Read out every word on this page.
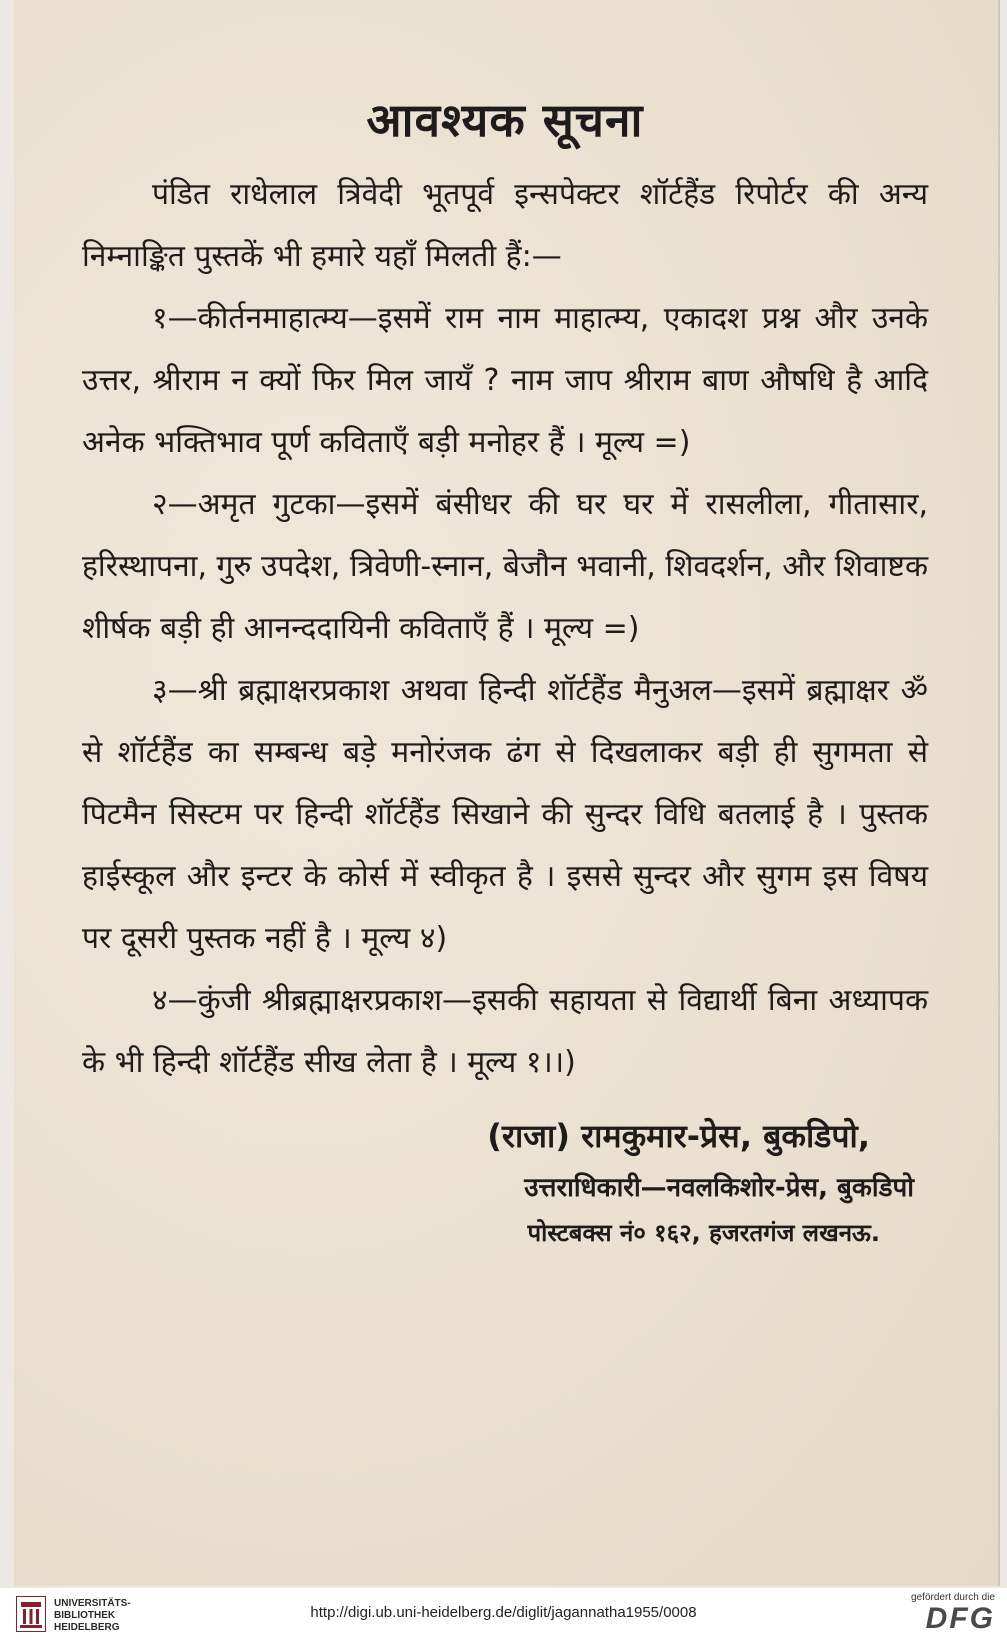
आवश्यक सूचना

पंडित राधेलाल त्रिवेदी भूतपूर्व इन्सपेक्टर शॉर्टहैंड रिपोर्टर की अन्य निम्नाङ्कित पुस्तकें भी हमारे यहाँ मिलती हैं:—

१—कीर्तनमाहात्म्य—इसमें राम नाम माहात्म्य, एकादश प्रश्न और उनके उत्तर, श्रीराम न क्यों फिर मिल जायँ ? नाम जाप श्रीराम बाण औषधि है आदि अनेक भक्तिभाव पूर्ण कविताएँ बड़ी मनोहर हैं । मूल्य =)

२—अमृत गुटका—इसमें बंसीधर की घर घर में रासलीला, गीतासार, हरिस्थापना, गुरु उपदेश, त्रिवेणी-स्नान, बेजौन भवानी, शिवदर्शन, और शिवाष्टक शीर्षक बड़ी ही आनन्ददायिनी कविताएँ हैं । मूल्य =)

३—श्री ब्रह्माक्षरप्रकाश अथवा हिन्दी शॉर्टहैंड मैनुअल—इसमें ब्रह्माक्षर ॐ से शॉर्टहैंड का सम्बन्ध बड़े मनोरंजक ढंग से दिखलाकर बड़ी ही सुगमता से पिटमैन सिस्टम पर हिन्दी शॉर्टहैंड सिखाने की सुन्दर विधि बतलाई है । पुस्तक हाईस्कूल और इन्टर के कोर्स में स्वीकृत है । इससे सुन्दर और सुगम इस विषय पर दूसरी पुस्तक नहीं है । मूल्य ४)

४—कुंजी श्रीब्रह्माक्षरप्रकाश—इसकी सहायता से विद्यार्थी बिना अध्यापक के भी हिन्दी शॉर्टहैंड सीख लेता है । मूल्य १।।)

(राजा) रामकुमार-प्रेस, बुकडिपो,
उत्तराधिकारी—नवलकिशोर-प्रेस, बुकडिपो
पोस्टबक्स नं० १६२, हजरतगंज लखनऊ.
UNIVERSITÄTS-
BIBLIOTHEK
HEIDELBERG
http://digi.ub.uni-heidelberg.de/diglit/jagannatha1955/0008
gefördert durch die
DFG
